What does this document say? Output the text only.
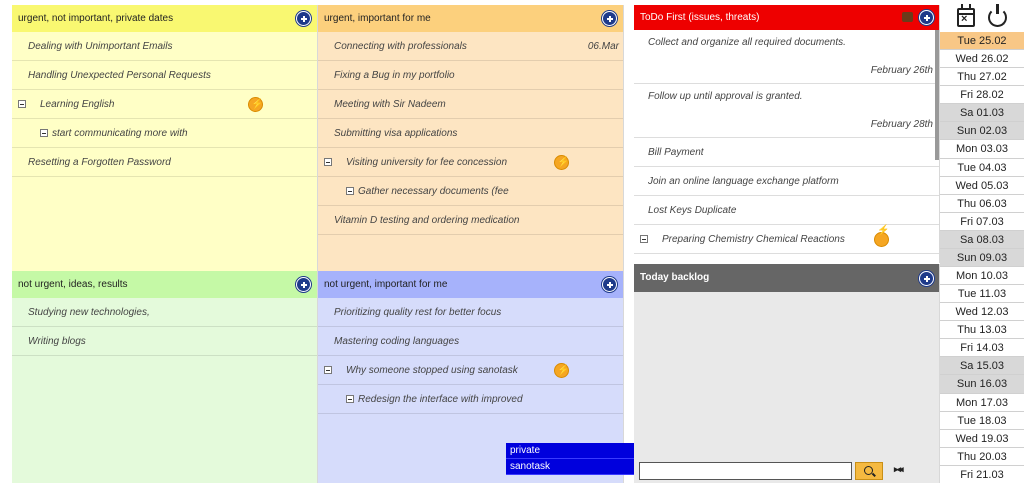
urgent, not important, private dates
Dealing with Unimportant Emails
Handling Unexpected Personal Requests
Learning English
⚡
start communicating more with
Resetting a Forgotten Password
urgent, important for me
Connecting with professionals	06.Mar
Fixing a Bug in my portfolio
Meeting with Sir Nadeem
Submitting visa applications
Visiting university for fee concession
⚡
Gather necessary documents (fee
Vitamin D testing and ordering medication
not urgent, ideas, results
Studying new technologies,
Writing blogs
not urgent, important for me
Prioritizing quality rest for better focus
Mastering coding languages
Why someone stopped using sanotask
⚡
Redesign the interface with improved
ToDo First (issues, threats)
Collect and organize all required documents.
February 26th
Follow up until approval is granted.
February 28th
Bill Payment
Join an online language exchange platform
Lost Keys Duplicate
Preparing Chemistry Chemical Reactions
⚡
Today backlog
▸◂◂
private
sanotask
×
Tue 25.02
Wed 26.02
Thu 27.02
Fri 28.02
Sa 01.03
Sun 02.03
Mon 03.03
Tue 04.03
Wed 05.03
Thu 06.03
Fri 07.03
Sa 08.03
Sun 09.03
Mon 10.03
Tue 11.03
Wed 12.03
Thu 13.03
Fri 14.03
Sa 15.03
Sun 16.03
Mon 17.03
Tue 18.03
Wed 19.03
Thu 20.03
Fri 21.03
